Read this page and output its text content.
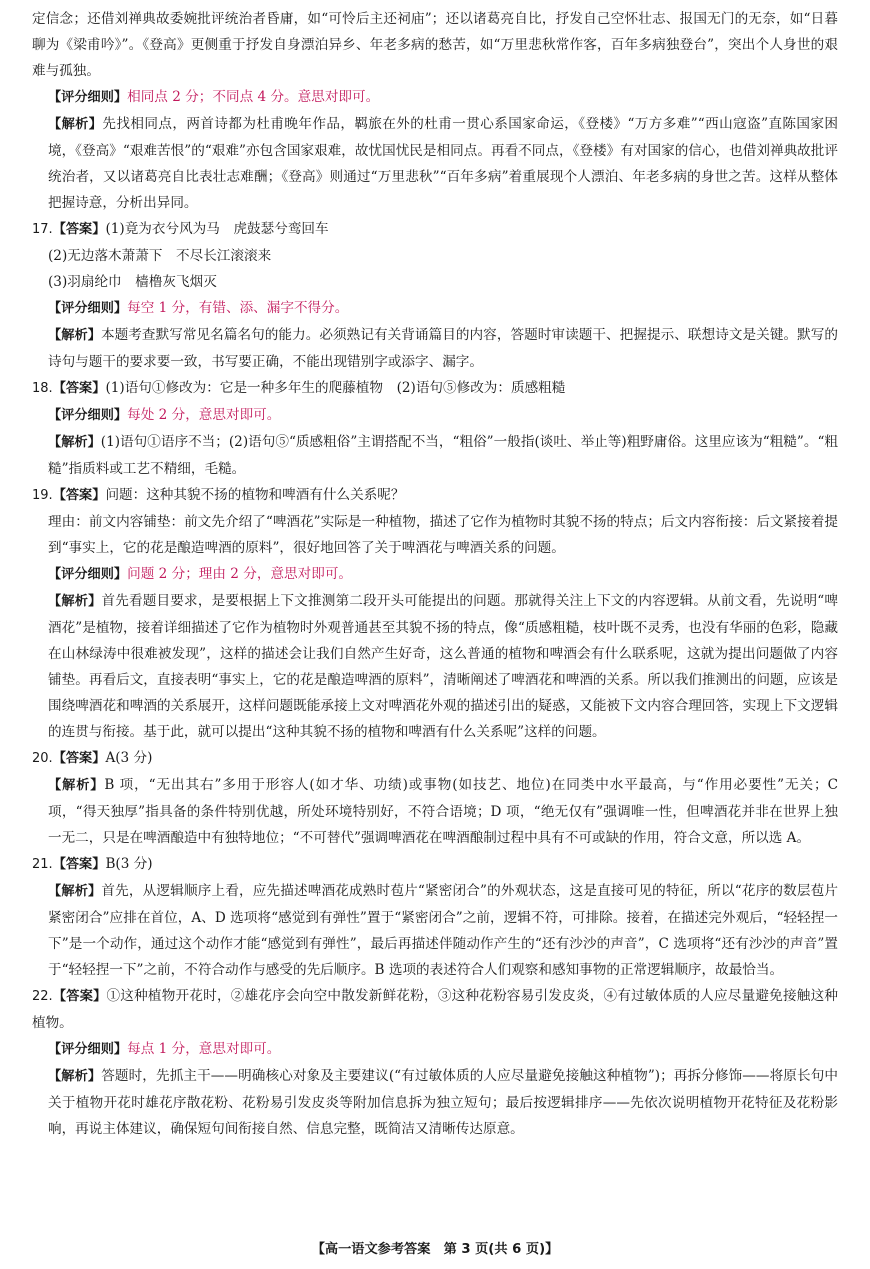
定信念；还借刘禅典故委婉批评统治者昏庸，如“可怜后主还祠庙”；还以诸葛亮自比，抒发自己空怀壮志、报国无门的无奈，如“日暮聊为《梁甫吟》”。《登高》更侧重于抒发自身漂泊异乡、年老多病的愁苦，如“万里悲秋常作客，百年多病独登台”，突出个人身世的艰难与孤独。

【评分细则】相同点 2 分；不同点 4 分。意思对即可。

【解析】先找相同点，两首诗都为杜甫晚年作品，羁旅在外的杜甫一贯心系国家命运，《登楼》“万方多难”“西山寇盗”直陈国家困境，《登高》“艰难苦恨”的“艰难”亦包含国家艰难，故忧国忧民是相同点。再看不同点，《登楼》有对国家的信心，也借刘禅典故批评统治者，又以诸葛亮自比表壮志难酬；《登高》则通过“万里悲秋”“百年多病”着重展现个人漂泊、年老多病的身世之苦。这样从整体把握诗意，分析出异同。

17.【答案】(1)竟为衣兮风为马　虎鼓瑟兮鸾回车

(2)无边落木萧萧下　不尽长江滚滚来

(3)羽扇纶巾　樯橹灰飞烟灭

【评分细则】每空 1 分，有错、添、漏字不得分。

【解析】本题考查默写常见名篇名句的能力。必须熟记有关背诵篇目的内容，答题时审读题干、把握提示、联想诗文是关键。默写的诗句与题干的要求要一致，书写要正确，不能出现错别字或添字、漏字。

18.【答案】(1)语句①修改为：它是一种多年生的爬藤植物　(2)语句⑤修改为：质感粗糙

【评分细则】每处 2 分，意思对即可。

【解析】(1)语句①语序不当；(2)语句⑤“质感粗俗”主谓搭配不当，“粗俗”一般指(谈吐、举止等)粗野庸俗。这里应该为“粗糙”。“粗糙”指质料或工艺不精细，毛糙。

19.【答案】问题：这种其貌不扬的植物和啤酒有什么关系呢？

理由：前文内容铺垫：前文先介绍了“啤酒花”实际是一种植物，描述了它作为植物时其貌不扬的特点；后文内容衔接：后文紧接着提到“事实上，它的花是酿造啤酒的原料”，很好地回答了关于啤酒花与啤酒关系的问题。

【评分细则】问题 2 分；理由 2 分，意思对即可。

【解析】首先看题目要求，是要根据上下文推测第二段开头可能提出的问题。那就得关注上下文的内容逻辑。从前文看，先说明“啤酒花”是植物，接着详细描述了它作为植物时外观普通甚至其貌不扬的特点，像“质感粗糙，枝叶既不灵秀，也没有华丽的色彩，隐藏在山林绿涛中很难被发现”，这样的描述会让我们自然产生好奇，这么普通的植物和啤酒会有什么联系呢，这就为提出问题做了内容铺垫。再看后文，直接表明“事实上，它的花是酿造啤酒的原料”，清晰阐述了啤酒花和啤酒的关系。所以我们推测出的问题，应该是围绕啤酒花和啤酒的关系展开，这样问题既能承接上文对啤酒花外观的描述引出的疑惑，又能被下文内容合理回答，实现上下文逻辑的连贯与衔接。基于此，就可以提出“这种其貌不扬的植物和啤酒有什么关系呢”这样的问题。

20.【答案】A(3 分)

【解析】B 项，“无出其右”多用于形容人(如才华、功绩)或事物(如技艺、地位)在同类中水平最高，与“作用必要性”无关；C 项，“得天独厚”指具备的条件特别优越，所处环境特别好，不符合语境；D 项，“绝无仅有”强调唯一性，但啤酒花并非在世界上独一无二，只是在啤酒酿造中有独特地位；“不可替代”强调啤酒花在啤酒酿制过程中具有不可或缺的作用，符合文意，所以选 A。

21.【答案】B(3 分)

【解析】首先，从逻辑顺序上看，应先描述啤酒花成熟时苞片“紧密闭合”的外观状态，这是直接可见的特征，所以“花序的数层苞片紧密闭合”应排在首位，A、D 选项将“感觉到有弹性”置于“紧密闭合”之前，逻辑不符，可排除。接着，在描述完外观后，“轻轻捏一下”是一个动作，通过这个动作才能“感觉到有弹性”，最后再描述伴随动作产生的“还有沙沙的声音”，C 选项将“还有沙沙的声音”置于“轻轻捏一下”之前，不符合动作与感受的先后顺序。B 选项的表述符合人们观察和感知事物的正常逻辑顺序，故最恰当。

22.【答案】①这种植物开花时，②雄花序会向空中散发新鲜花粉，③这种花粉容易引发皮炎，④有过敏体质的人应尽量避免接触这种植物。

【评分细则】每点 1 分，意思对即可。

【解析】答题时，先抓主干——明确核心对象及主要建议(“有过敏体质的人应尽量避免接触这种植物”)；再拆分修饰——将原长句中关于植物开花时雄花序散花粉、花粉易引发皮炎等附加信息拆为独立短句；最后按逻辑排序——先依次说明植物开花特征及花粉影响，再说主体建议，确保短句间衔接自然、信息完整，既简洁又清晰传达原意。

【高一语文参考答案　第 3 页(共 6 页)】
